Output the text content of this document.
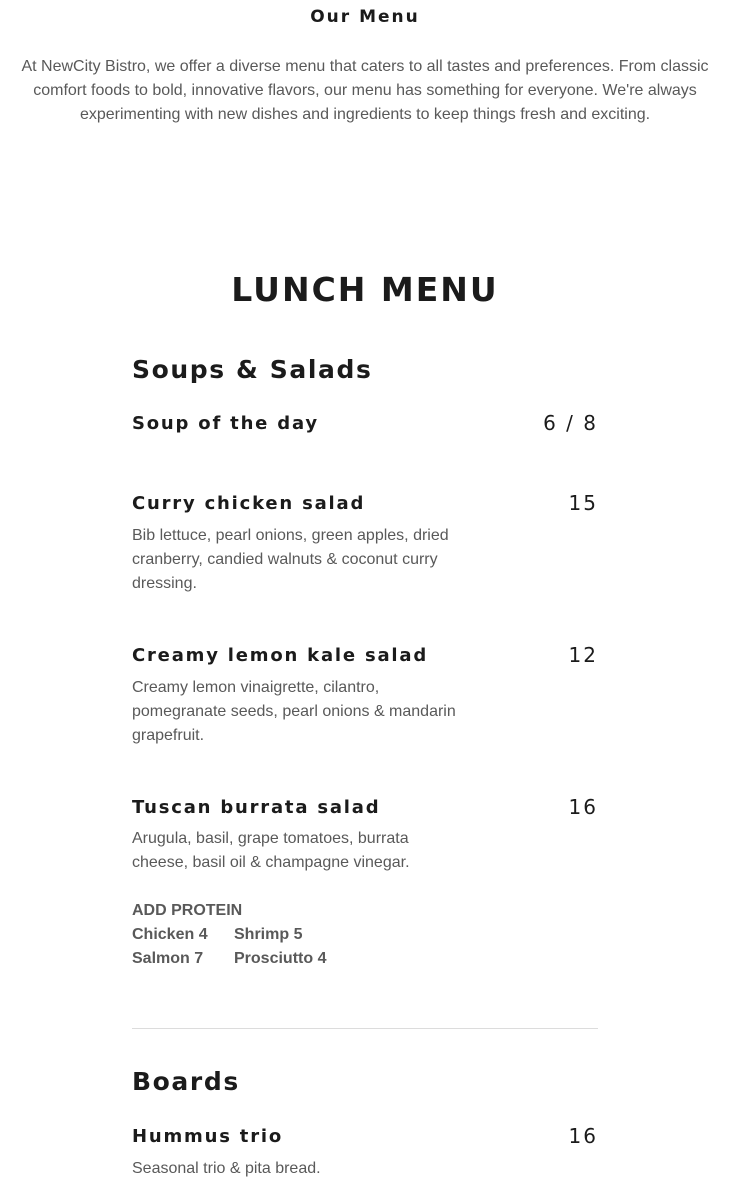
Our Menu
At NewCity Bistro, we offer a diverse menu that caters to all tastes and preferences. From classic comfort foods to bold, innovative flavors, our menu has something for everyone. We're always experimenting with new dishes and ingredients to keep things fresh and exciting.
LUNCH MENU
Soups & Salads
Soup of the day	6 / 8
Curry chicken salad	15
Bib lettuce, pearl onions, green apples, dried cranberry, candied walnuts & coconut curry dressing.
Creamy lemon kale salad	12
Creamy lemon vinaigrette, cilantro, pomegranate seeds, pearl onions & mandarin grapefruit.
Tuscan burrata salad	16
Arugula, basil, grape tomatoes, burrata cheese, basil oil & champagne vinegar.
ADD PROTEIN
Chicken 4	Shrimp 5
Salmon 7	Prosciutto 4
Boards
Hummus trio	16
Seasonal trio & pita bread.
